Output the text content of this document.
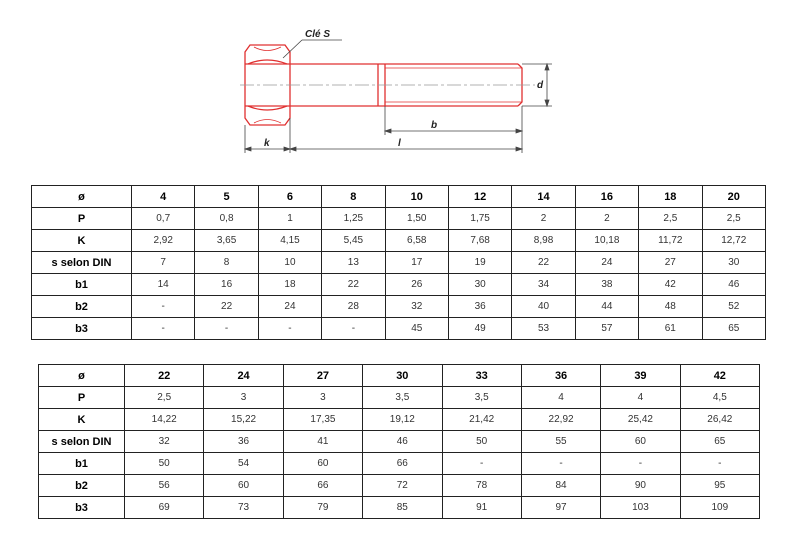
Clé S
d
b
k	l
ø	4	5	6	8	10	12	14	16	18	20
P	0,7	0,8	1	1,25	1,50	1,75	2	2	2,5	2,5
K	2,92	3,65	4,15	5,45	6,58	7,68	8,98	10,18	11,72	12,72
s selon DIN	7	8	10	13	17	19	22	24	27	30
b1	14	16	18	22	26	30	34	38	42	46
b2	-	22	24	28	32	36	40	44	48	52
b3	-	-	-	-	45	49	53	57	61	65
ø	22	24	27	30	33	36	39	42
P	2,5	3	3	3,5	3,5	4	4	4,5
K	14,22	15,22	17,35	19,12	21,42	22,92	25,42	26,42
s selon DIN	32	36	41	46	50	55	60	65
b1	50	54	60	66	-	-	-	-
b2	56	60	66	72	78	84	90	95
b3	69	73	79	85	91	97	103	109
